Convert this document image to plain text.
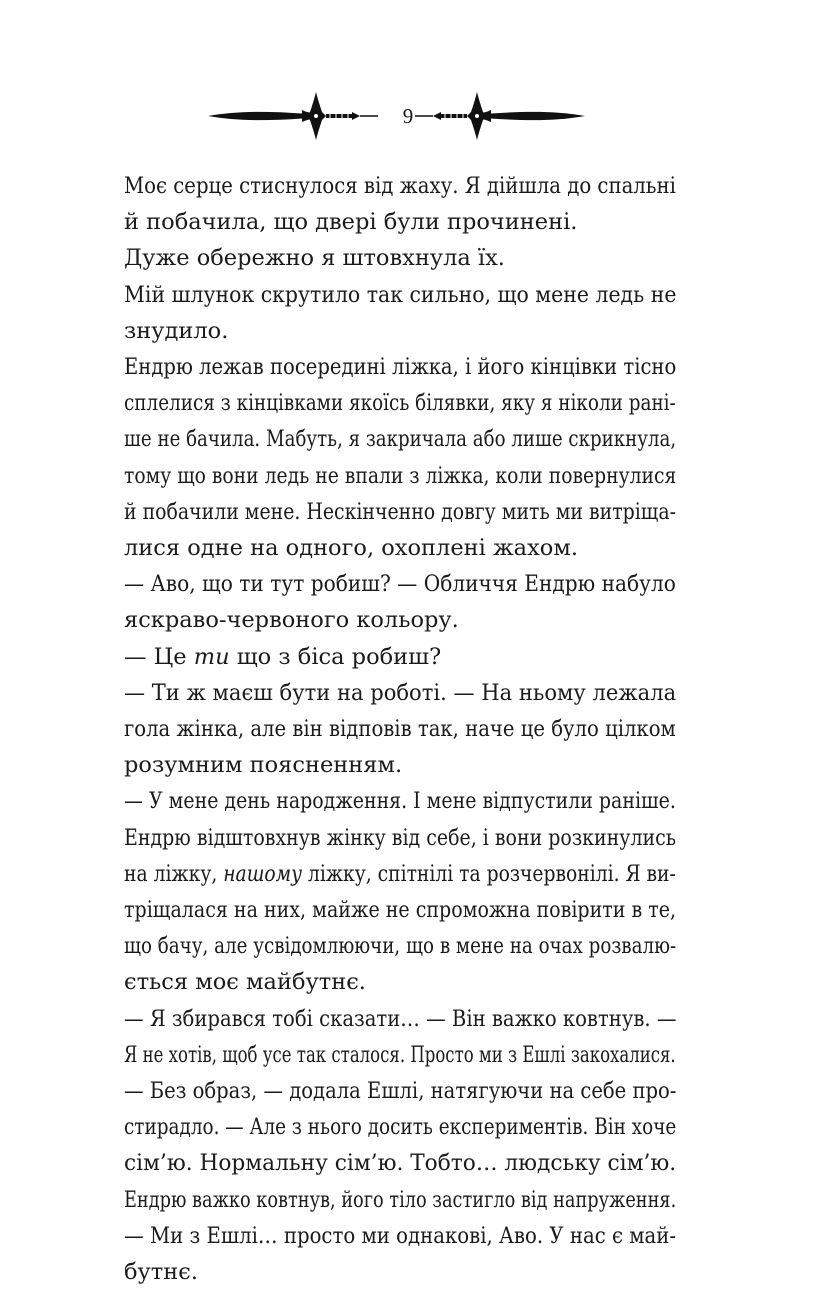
9

Моє серце стиснулося від жаху. Я дійшла до спальні
й побачила, що двері були прочинені.

Дуже обережно я штовхнула їх.

Мій шлунок скрутило так сильно, що мене ледь не
знудило.

Ендрю лежав посередині ліжка, і його кінцівки тісно
сплелися з кінцівками якоїсь білявки, яку я ніколи рані-
ше не бачила. Мабуть, я закричала або лише скрикнула,
тому що вони ледь не впали з ліжка, коли повернулися
й побачили мене. Нескінченно довгу мить ми витріща-
лися одне на одного, охоплені жахом.

— Аво, що ти тут робиш? — Обличчя Ендрю набуло
яскраво-червоного кольору.

— Це ти що з біса робиш?

— Ти ж маєш бути на роботі. — На ньому лежала
гола жінка, але він відповів так, наче це було цілком
розумним поясненням.

— У мене день народження. І мене відпустили раніше.

Ендрю відштовхнув жінку від себе, і вони розкинулись
на ліжку, нашому ліжку, спітнілі та розчервонілі. Я ви-
тріщалася на них, майже не спроможна повірити в те,
що бачу, але усвідомлюючи, що в мене на очах розвалю-
ється моє майбутнє.

— Я збирався тобі сказати… — Він важко ковтнув. —
Я не хотів, щоб усе так сталося. Просто ми з Ешлі закохалися.

— Без образ, — додала Ешлі, натягуючи на себе про-
стирадло. — Але з нього досить експериментів. Він хоче
сім’ю. Нормальну сім’ю. Тобто… людську сім’ю.

Ендрю важко ковтнув, його тіло застигло від напруження.

— Ми з Ешлі… просто ми однакові, Аво. У нас є май-
бутнє.
